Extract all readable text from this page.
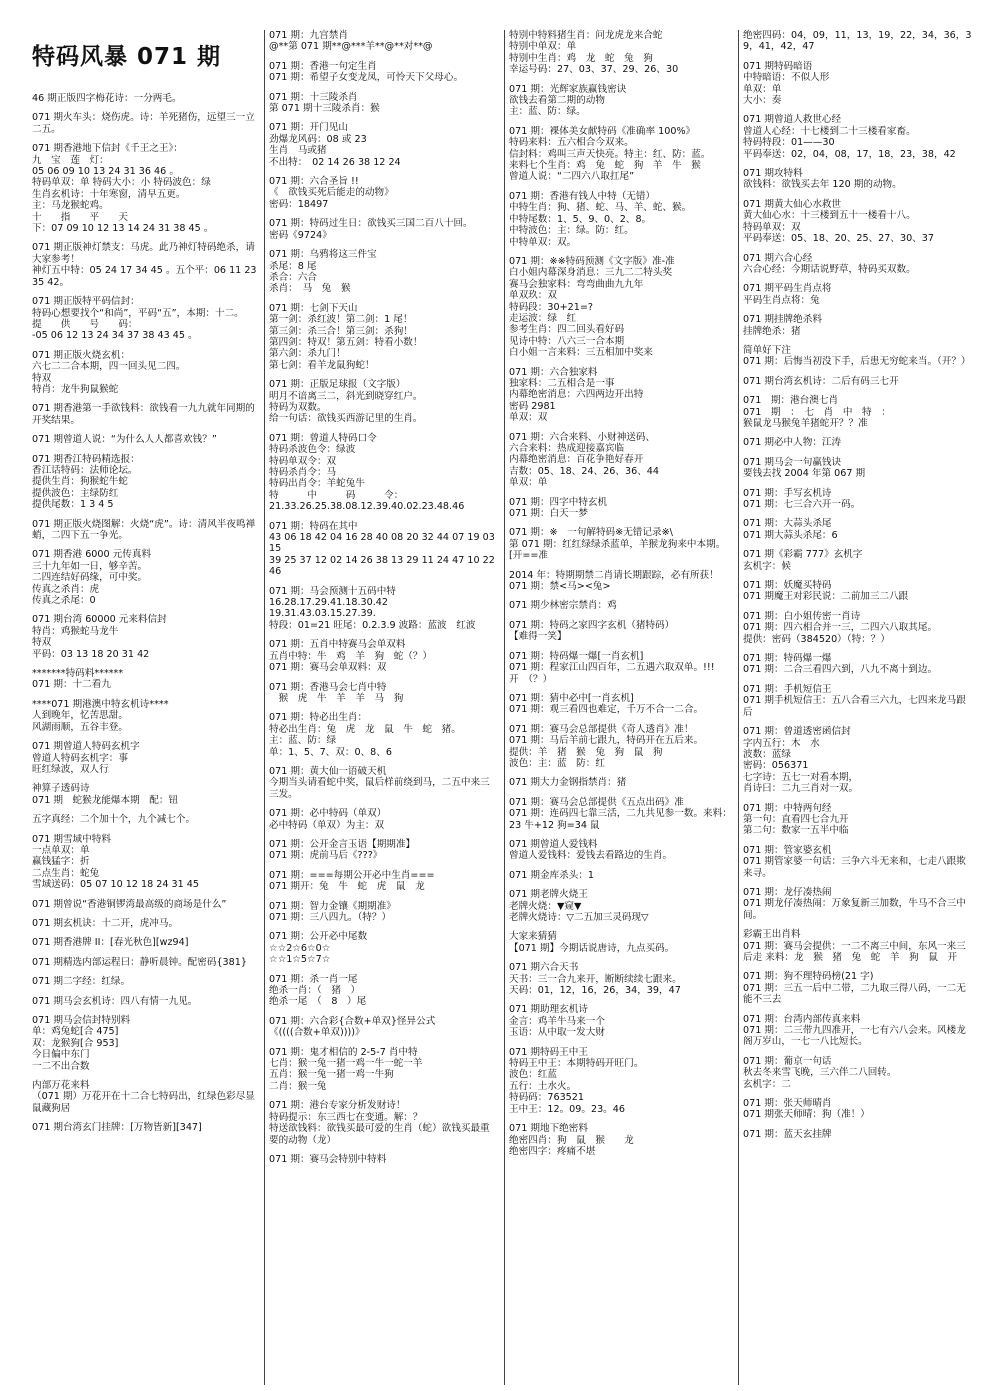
特码风暴 071 期
46 期正版四字梅花诗：一分两毛。
071 期火车头：烧伤虎。诗：羊死猪伤，远望三一立二五。
071 期香港地下信封《千王之王》：
九　宝　莲　灯：
05 06 09 10 13 24 31 36 46 。
特码单双：单 特码大小：小 特码波色：绿
生肖玄机诗：十年寒窗，清早五更。
主：马龙猴蛇鸡。
十　　指　　平　　天
下：07 09 10 12 13 14 24 31 38 45 。
071 期正版神灯禁支：马虎。此乃神灯特码绝杀，请大家参考！
神灯五中特：05 24 17 34 45 。五个平：06 11 23 35 42。
071 期正版特平码信封：
特码心想要找个“和尚”，平码“五”，本期：十二。
提　　供　　号　　码：
-05 06 12 13 24 34 37 38 43 45 。
071 期正版火烧玄机：
六七二二合本期，四一回头见二四。
特双
特肖：龙牛狗鼠猴蛇
071 期香港第一手欲钱料：欲钱看一九九就年同期的开奖结果。
071 期曾道人说：“为什么人人都喜欢钱？”
071 期香江特码精选报：
香江话特码：法师论坛。
提供生肖：狗猴蛇牛蛇
提供波色：主绿防红
提供尾数：1 3 4 5
071 期正版火烧图解：火烧“虎”。诗：清风半夜鸣禅蛸，二四下五一争光。
071 期香港 6000 元传真料
三十九年如一日，够辛苦。
二四连结好码缘，可中奖。
传真之杀肖：虎
传真之杀尾：0
071 期台湾 60000 元来料信封
特肖：鸡猴蛇马龙牛
特双
平码：03 13 18 20 31 42
*******特码料******
071 期：十二看九
****071 期港澳中特玄机诗****
人到晚年，忆苦思甜。
风湖雨顺，五谷丰登。
071 期曾道人特码玄机字
曾道人特码玄机字：事
旺红绿波，双人行
神算子透码诗
071 期　蛇猴龙能爆本期　配：钮
五字真经：二个加十个，九个减七个。
071 期雪域中特料
一点单双：单
赢钱猛字：折
二点生肖：蛇兔
雪域送码：05 07 10 12 18 24 31 45
071 期曾说“香港铜锣湾最高级的商场是什么”
071 期玄机诀：十二开，虎冲马。
071 期香港牌 II：[春光秋色][wz94]
071 期精选内部运程曰：静听晨钟。配密码{381}
071 期二字经：红绿。
071 期马会玄机诗：四八有情一九见。
071 期马会信封特别料
单：鸡兔蛇[合 475]
双：龙猴狗[合 953]
今日偏中东门
一二不出合数
内部万花来料
（071 期）万花开在十二合七特码出，红绿色彩尽显鼠藏狗居
071 期台湾玄门挂牌：[万物皆新][347]
071 期：九宫禁肖
@**第 071 期**@***羊**@**对**@
071 期：香港一句定生肖
071 期：希望子女变龙凤，可怜天下父母心。
071 期：十三陵杀肖
第 071 期十三陵杀肖：猴
071 期：开门见山
劲爆龙风码：08 或 23
生肖　马或猪
不出特：　02 14 26 38 12 24
071 期：六合圣旨 !!
《　欲钱买死后能走的动物》
密码：18497
071 期：特码过生日：欲钱买三国二百八十回。
密码《9724》
071 期：乌鸦将这三件宝
杀尾：8 尾
杀合：六合
杀肖：　马　兔　猴
071 期：七剑下天山
第一剑：杀红波！第二剑：1 尾！
第三剑：杀三合！第三剑：杀狗！
第四剑：特双！第五剑：特看小数！
第六剑：杀九门！
第七剑：看羊龙鼠狗蛇！
071 期：正版足球报（文字版）
明月不谙离三二，斜光到晓穿红户。
特码为双数。
给一句话：欲钱买西游记里的生肖。
071 期：曾道人特码口令
特码杀波色令：绿波
特码单双令：双
特码杀肖令：马
特码出肖令：羊蛇兔牛
特　　　中　　　码　　　令：
21.33.26.25.38.08.12.39.40.02.23.48.46
071 期：特码在其中
43 06 18 42 04 16 28 40 08 20 32 44 07 19 03 15
39 25 37 12 02 14 26 38 13 29 11 24 47 10 22 46
071 期：马会预测十五码中特
16.28.17.29.41.18.30.42
19.31.43.03.15.27.39.
特段：01=21 旺尾：0.2.3.9 波路：蓝波　红波
071 期：五肖中特赛马会单双料
五肖中特：牛　鸡　羊　狗　蛇（？）
071 期：赛马会单双料：双
071 期：香港马会七肖中特
　猴　虎　牛　羊　羊　马　狗
071 期：特必出生肖：
特必出生肖：兔　虎　龙　鼠　牛　蛇　猪。
主：蓝、防：绿
单：1、5、7、双：0、8、6
071 期：黄大仙一语破天机
今期当头请看蛇中奖，鼠后样前绕到马，二五中来三三发。
071 期：必中特码（单双）
必中特码（单双）为主：双
071 期：公开金言玉语【期期准】
071 期：虎前马后《???》
071 期：===每期公开必中生肖===
071 期开：兔　牛　蛇　虎　鼠　龙
071 期：智力金镶《期期准》
071 期：三八四九。（特？）
071 期：公开必中尾数
☆☆2☆6☆0☆
☆☆1☆5☆7☆
071 期：杀一肖一尾
绝杀一肖：（　猪　）
绝杀一尾　（　8　）尾
071 期：六合彩{合数+单双}怪异公式
《((((合数+单双))))》
071 期：鬼才相信的 2-5-7 肖中特
七肖：猴一兔一猪一鸡一牛一蛇一羊
五肖：猴一兔一猪一鸡一牛狗
二肖：猴一兔
071 期：港台专家分析发财诗！
特码提示：东三西七在变通。解：？
特送欲钱料：欲钱买最可爱的生肖（蛇）欲钱买最重要的动物（龙）
071 期：赛马会特别中特料
特别中特料猪生肖：问龙虎龙来合蛇
特别中单双：单
特别中生肖：鸡　龙　蛇　兔　狗
幸运号码：27、03、37、29、26、30
071 期：光辉家族赢钱密诀
欲钱去看第二期的动物
主：蓝、防：绿。
071 期：裸体美女献特码《准确率 100%》
特码来料：五六相合今双来。
信封料：鸡叫三声天快亮。特主：红、防：蓝。
来料七个生肖：鸡　兔　蛇　狗　羊　牛　猴
曾道人说：“二四六八取扛尾”
071 期：香港有钱人中特（无错）
中特生肖：狗、猪、蛇、马、羊、蛇、猴。
中特尾数：1、5、9、0、2、8。
中特波色：主：绿。防：红。
中特单双：双。
071 期：※※特码预测《文字版》准-准
白小姐内幕深身消息：三九二二特头奖
赛马会独家料：弯弯曲曲九九年
单双玖：双
特码段：30+21=?
走运波：绿　红
参考生肖：四二回头看好码
见诗中特：八六三一合本期
白小姐一言来料：三五相加中奖来
071 期：六合独家料
独家料：二五相合是一事
内幕绝密消息：六四两边开出特
密码 2981
单双：双
071 期：六合来料、小财神送码、
六合来料：热成迎接嘉宾临
内幕绝密消息：百花争艳好春开
吉数：05、18、24、26、36、44
单双：单
071 期：四字中特玄机
071 期：白天一梦
071 期：※　一句解特码※无错记录※\
第 071 期：红红绿绿杀蓝单，羊猴龙狗来中本期。[开==准
2014 年：特期期禁二肖请长期跟踪，必有所获！
071 期：禁<马><兔>
071 期少林密宗禁肖：鸡
071 期：特码之家四字玄机（猪特码）
【难得一笑】
071 期：特码爆一爆[一肖玄机]
071 期：程家江山四百年，二五遇六取双单。!!!　开　（？）
071 期：猜中必中[一肖玄机]
071 期：观三看四也难定，千万不合一二合。
071 期：赛马会总部提供《奇人透肖》准！
071 期：马后羊前七跟九，特码开在五后来。
提供：羊　猪　猴　兔　狗　鼠　狗
波色：主：蓝　防：红
071 期大力金钢指禁肖：猪
071 期：赛马会总部提供《五点出码》准
071 期：连码四七靠三活，二九共见参一数。来料：23 牛+12 狗=34 鼠
071 期曾道人爱钱料
曾道人爱钱料：爱钱去看路边的生肖。
071 期金库杀头：1
071 期老牌火烧王
老牌火烧：▼窥▼
老牌火烧诗：▽二五加三灵码现▽
大家来猜猜
【071 期】今期话说唐诗，九点买码。
071 期六合天书
天书：三一合九来开，断断续续七跟来。
天码：01，12，16，26，34，39，47
071 期助理玄机诗
金言：鸡羊牛马来一个
玉语：从中取一发大财
071 期特码王中王
特码王中王：本期特码开旺门。
波色：红蓝
五行：土水火。
特码码：763521
王中王：12。09。23。46
071 期地下绝密料
绝密四肖：狗　鼠　猴　　龙
绝密四字：疼痛不堪
绝密四码：04，09，11，13，19，22，34，36，39，41，42，47
071 期特码暗语
中特暗语：不似人形
单双：单
大小：奏
071 期曾道人救世心经
曾道人心经：十七楼到二十三楼看家畜。
特码特段：01——30
平码奉送：02，04，08，17，18，23，38，42
071 期攻特料
欲钱料：欲钱买去年 120 期的动物。
071 期黄大仙心水救世
黄大仙心水：十三楼到五十一楼看十八。
特码单双：双
平码奉送：05、18、20、25、27、30、37
071 期六合心经
六合心经：今期话说野草，特码买双数。
071 期平码生肖点将
平码生肖点将：兔
071 期挂牌绝杀料
挂牌绝杀：猪
简单好下注
071 期：后悔当初没下手，后患无穷蛇来当。（开？）
071 期台湾玄机诗：二后有码三七开
071　期：港台澳七肖
071　期　：　七　肖　中　特　：
猴鼠龙马猴兔羊猪蛇开？？准
071 期必中人物：江涛
071 期马会一句赢钱诀
要钱去找 2004 年第 067 期
071 期：手写玄机诗
071 期：七三合六开一码。
071 期：大蒜头杀尾
071 期大蒜头杀尾：6
071 期《彩霸 777》玄机字
玄机字：候
071 期：妖魔买特码
071 期魔王对彩民说：二前加三二八跟
071 期：白小姐传密一肖诗
071 期：四六相合并一三，二四六八取其尾。
提供：密码（384520）（特：？）
071 期：特码爆一爆
071 期：二合三看四六到，八九不离十到边。
071 期：手机短信王
071 期手机短信王：五八合看三六九，七四来龙马跟后
071 期：曾道透密函信封
字内五行：木　水
波数：蓝绿
密码：056371
七字诗：五七一对看本期，
肖诗曰：二九三肖对一双。
071 期：中特两句经
第一句：直看四七合九开
第二句：数家一五半中临
071 期：管家婆玄机
071 期管家婆一句话：三争六斗无来和，七走八跟欺来寻。
071 期：龙仔凑热闹
071 期龙仔凑热闹：万象复新三加数，牛马不合三中间。
彩霸王出肖料
071 期：赛马会提供：一二不离三中间，东风一来三后走 来料：龙　猴　猪　兔　蛇　羊　狗　鼠　开
071 期：狗不理特码榜(21 字)
071 期：三五一后中二带，二九取三得八码，一二无能不三去
071 期：台湾内部传真来料
071 期：二三带九四准开，一七有六八会来。风楼龙阁万岁山，一七一八比短长。
071 期：葡京一句话
秋去冬来雪飞晚，三六伴二八回转。
玄机字：二
071 期：张天师晴肖
071 期张天师晴：狗（准！）
071 期：蓝天玄挂牌
